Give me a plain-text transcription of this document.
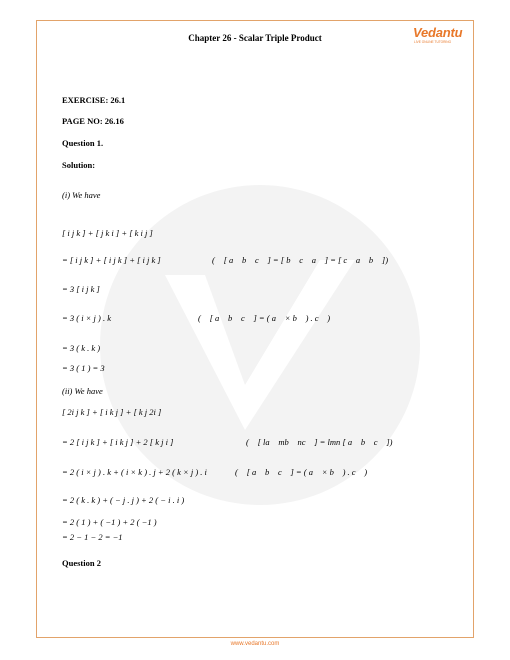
Chapter 26 - Scalar Triple Product	Vedantu
LIVE ONLINE TUTORING
EXERCISE: 26.1
PAGE NO: 26.16
Question 1.
Solution:
(i) We have
[ i j k ] + [ j k i ] + [ k i j ]
= [ i j k ] + [ i j k ] + [ i j k ]	(∵ [ a⃗ b⃗ c⃗ ] = [ b⃗ c⃗ a⃗ ] = [ c⃗ a⃗ b⃗ ])
= 3 [ i j k ]
= 3 ( i × j ) . k	(∵ [ a⃗ b⃗ c⃗ ] = ( a⃗ × b⃗ ) . c⃗ )
= 3 ( k . k )
= 3 ( 1 ) = 3
(ii) We have
[ 2i j k ] + [ i k j ] + [ k j 2i ]
= 2 [ i j k ] + [ i k j ] + 2 [ k j i ]	(∵ [ la⃗ mb⃗ nc⃗ ] = lmn [ a⃗ b⃗ c⃗ ])
= 2 ( i × j ) . k + ( i × k ) . j + 2 ( k × j ) . i	(∵ [ a⃗ b⃗ c⃗ ] = ( a⃗ × b⃗ ) . c⃗ )
= 2 ( k . k ) + ( − j . j ) + 2 ( − i . i )
= 2 ( 1 ) + ( −1 ) + 2 ( −1 )
= 2 − 1 − 2 = −1
Question 2
www.vedantu.com
